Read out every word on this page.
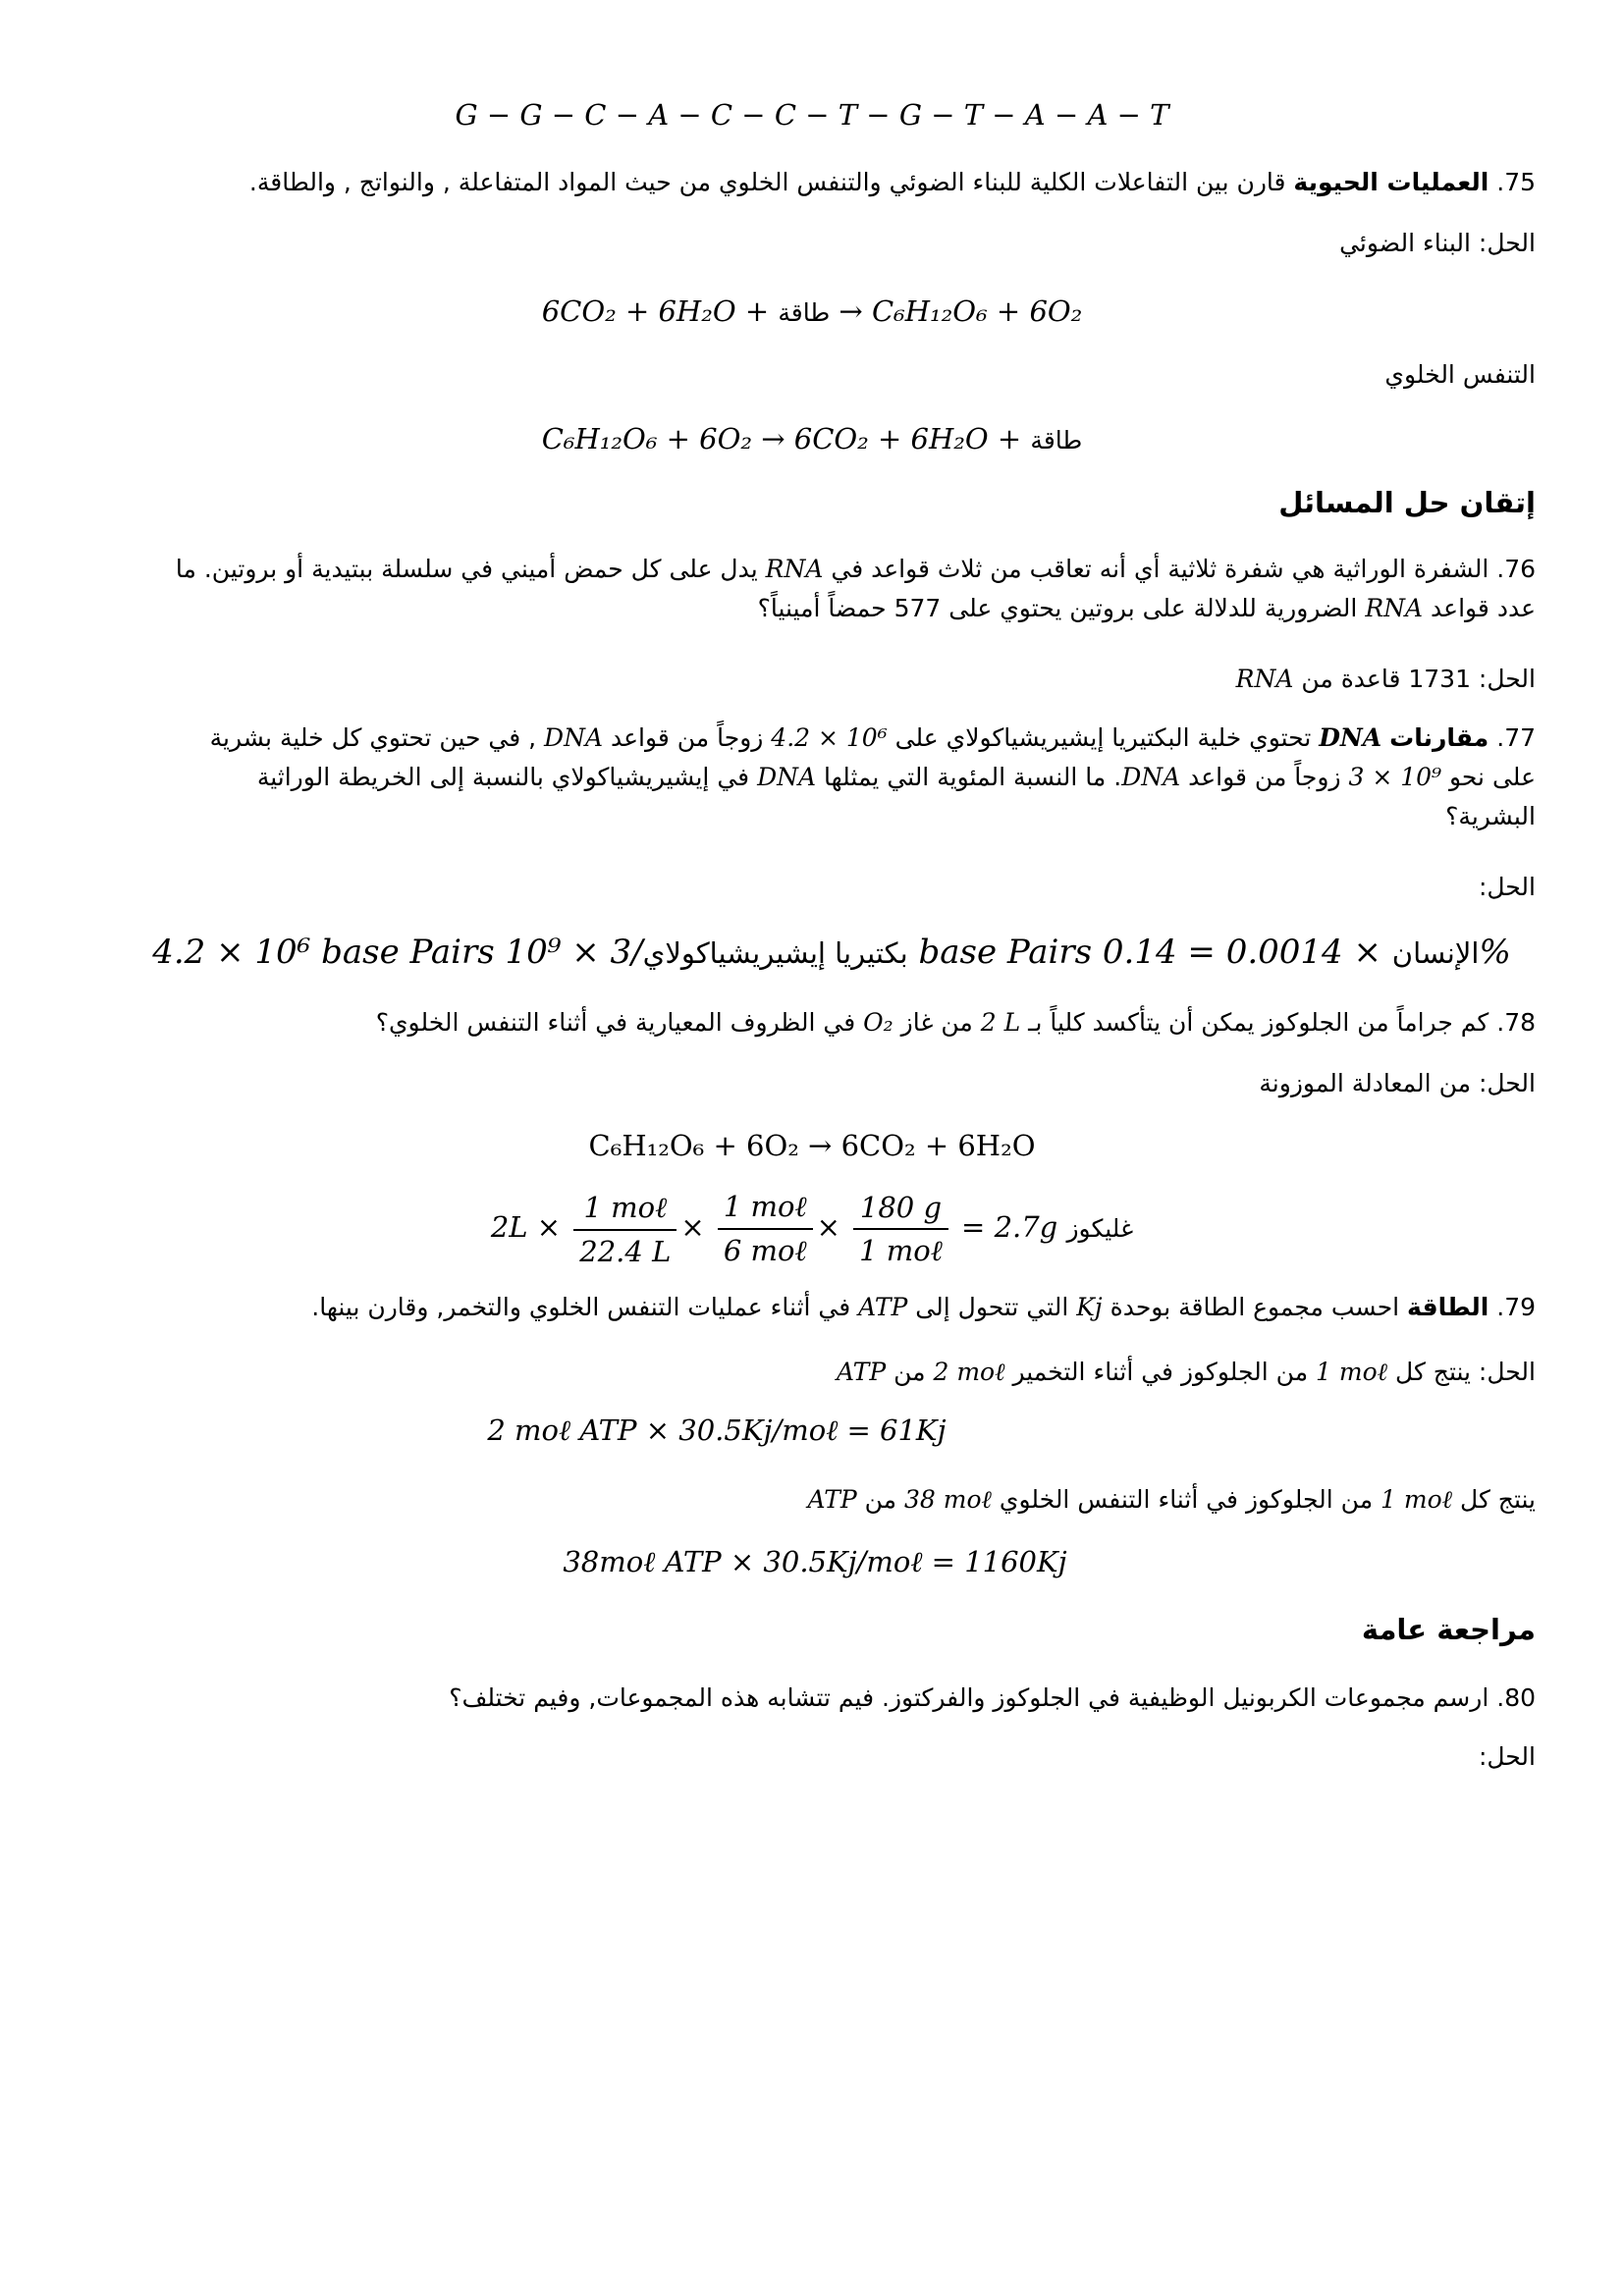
G − G − C − A − C − C − T − G − T − A − A − T

75. العمليات الحيوية قارن بين التفاعلات الكلية للبناء الضوئي والتنفس الخلوي من حيث المواد المتفاعلة , والنواتج , والطاقة.

الحل: البناء الضوئي

6CO₂ + 6H₂O + طاقة → C₆H₁₂O₆ + 6O₂

التنفس الخلوي

C₆H₁₂O₆ + 6O₂ → 6CO₂ + 6H₂O + طاقة
إتقان حل المسائل

76. الشفرة الوراثية هي شفرة ثلاثية أي أنه تعاقب من ثلاث قواعد في RNA يدل على كل حمض أميني في سلسلة ببتيدية أو بروتين. ما

عدد قواعد RNA الضرورية للدلالة على بروتين يحتوي على 577 حمضاً أمينياً؟

الحل: 1731 قاعدة من RNA

77. مقارنات DNA تحتوي خلية البكتيريا إيشيريشياكولاي على 4.2 × 10⁶ زوجاً من قواعد DNA , في حين تحتوي كل خلية بشرية

على نحو 3 × 10⁹ زوجاً من قواعد DNA. ما النسبة المئوية التي يمثلها DNA في إيشيريشياكولاي بالنسبة إلى الخريطة الوراثية

البشرية؟

الحل:

4.2 × 10⁶ base Pairs	بكتيريا إيشيريشياكولاي/3 × 10⁹ base Pairs	الإنسان × 0.0014 = 0.14%

78. كم جراماً من الجلوكوز يمكن أن يتأكسد كلياً بـ 2 L من غاز O₂ في الظروف المعيارية في أثناء التنفس الخلوي؟

الحل: من المعادلة الموزونة

C₆H₁₂O₆ + 6O₂ → 6CO₂ + 6H₂O
$2L \times \frac{\text{1 moℓ}}{22.4 L} \times \frac{\text{1 moℓ}}{\text{6 moℓ}} \times \frac{180 g}{\text{1 moℓ}} = 2.7g$ غليكوز

79. الطاقة احسب مجموع الطاقة بوحدة Kj التي تتحول إلى ATP في أثناء عمليات التنفس الخلوي والتخمر, وقارن بينها.

الحل: ينتج كل 1 moℓ من الجلوكوز في أثناء التخمير 2 moℓ من ATP

2 moℓ ATP × 30.5Kj/moℓ = 61Kj

ينتج كل 1 moℓ من الجلوكوز في أثناء التنفس الخلوي 38 moℓ من ATP

38moℓ ATP × 30.5Kj/moℓ = 1160Kj
مراجعة عامة

80. ارسم مجموعات الكربونيل الوظيفية في الجلوكوز والفركتوز. فيم تتشابه هذه المجموعات, وفيم تختلف؟

الحل:
